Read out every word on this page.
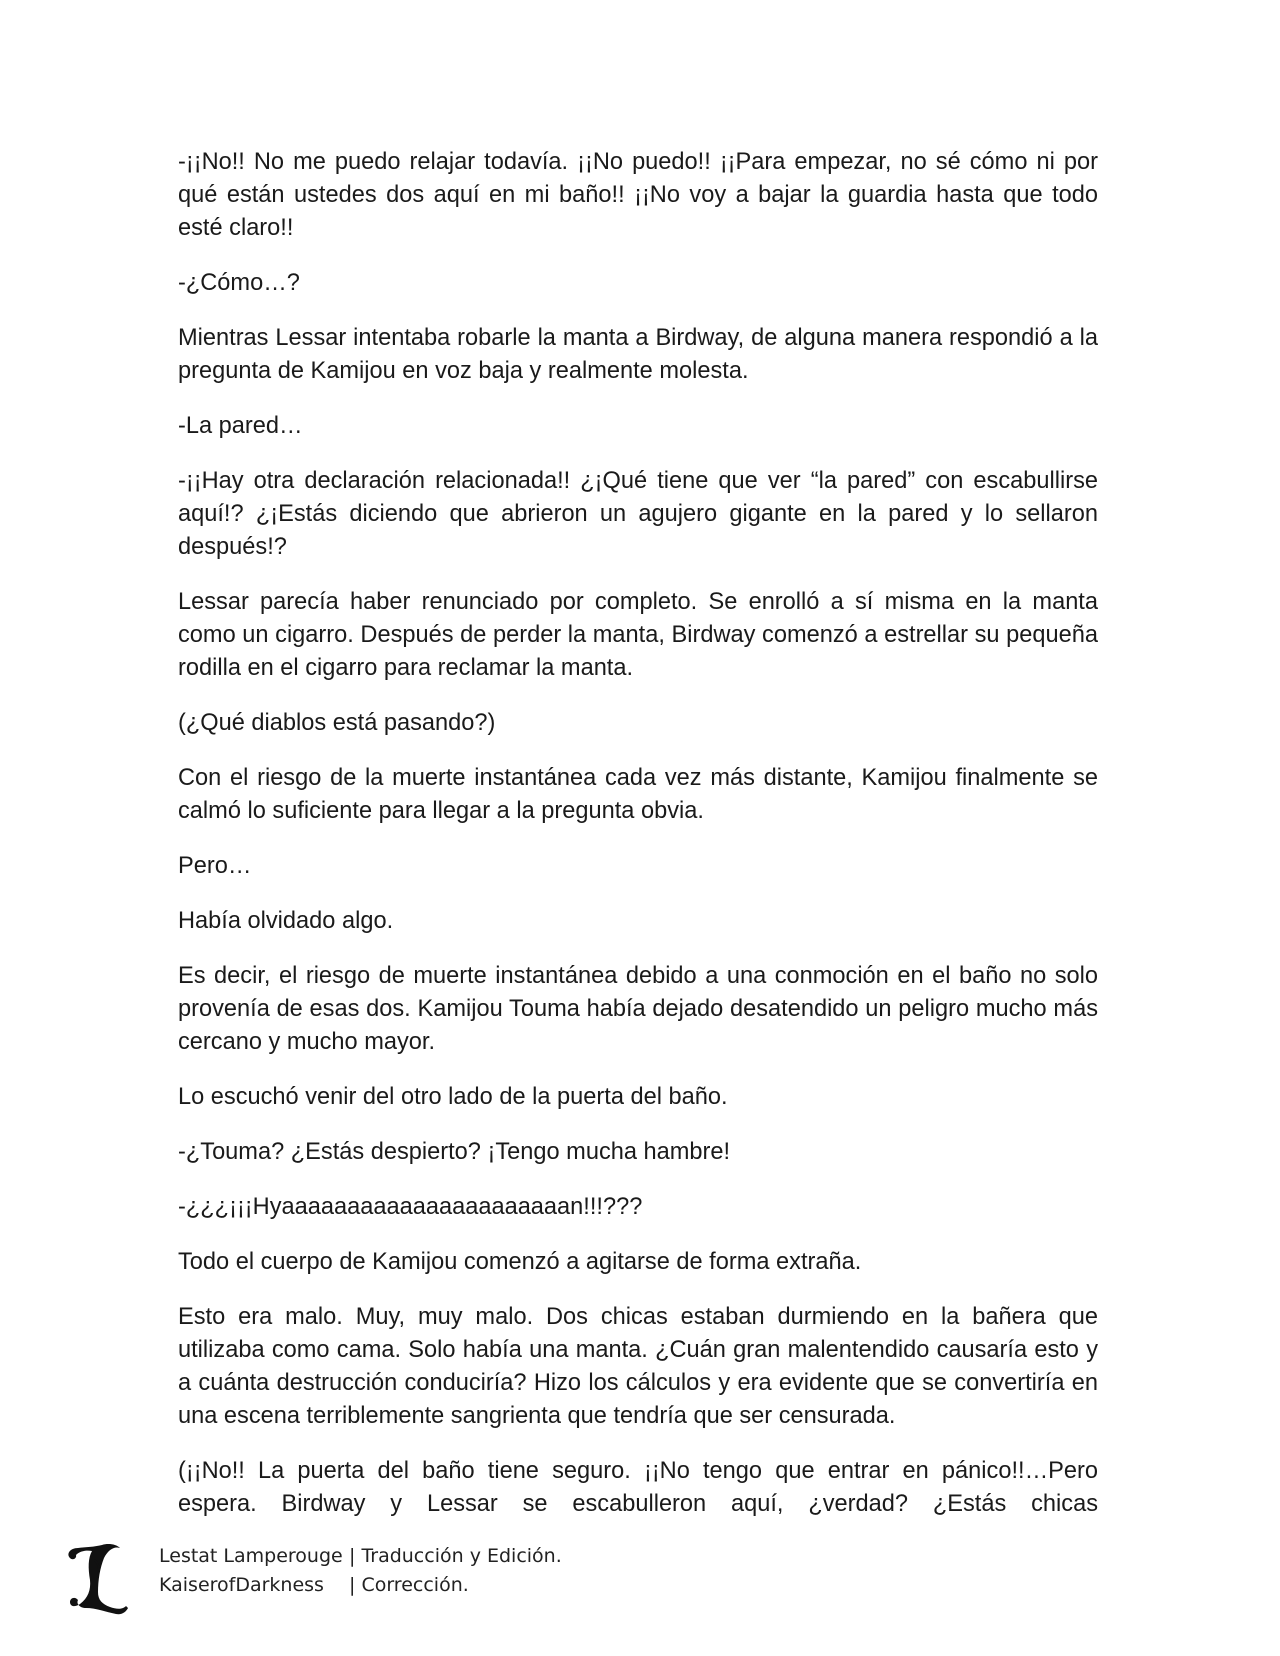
-¡¡No!! No me puedo relajar todavía. ¡¡No puedo!! ¡¡Para empezar, no sé cómo ni por qué están ustedes dos aquí en mi baño!! ¡¡No voy a bajar la guardia hasta que todo esté claro!!

-¿Cómo…?

Mientras Lessar intentaba robarle la manta a Birdway, de alguna manera respondió a la pregunta de Kamijou en voz baja y realmente molesta.

-La pared…

-¡¡Hay otra declaración relacionada!! ¿¡Qué tiene que ver “la pared” con escabullirse aquí!? ¿¡Estás diciendo que abrieron un agujero gigante en la pared y lo sellaron después!?

Lessar parecía haber renunciado por completo. Se enrolló a sí misma en la manta como un cigarro. Después de perder la manta, Birdway comenzó a estrellar su pequeña rodilla en el cigarro para reclamar la manta.

(¿Qué diablos está pasando?)

Con el riesgo de la muerte instantánea cada vez más distante, Kamijou finalmente se calmó lo suficiente para llegar a la pregunta obvia.

Pero…

Había olvidado algo.

Es decir, el riesgo de muerte instantánea debido a una conmoción en el baño no solo provenía de esas dos. Kamijou Touma había dejado desatendido un peligro mucho más cercano y mucho mayor.

Lo escuchó venir del otro lado de la puerta del baño.

-¿Touma? ¿Estás despierto? ¡Tengo mucha hambre!

-¿¿¿¡¡¡Hyaaaaaaaaaaaaaaaaaaaaaan!!!???

Todo el cuerpo de Kamijou comenzó a agitarse de forma extraña.

Esto era malo. Muy, muy malo. Dos chicas estaban durmiendo en la bañera que utilizaba como cama. Solo había una manta. ¿Cuán gran malentendido causaría esto y a cuánta destrucción conduciría? Hizo los cálculos y era evidente que se convertiría en una escena terriblemente sangrienta que tendría que ser censurada.

(¡¡No!! La puerta del baño tiene seguro. ¡¡No tengo que entrar en pánico!!…Pero espera. Birdway y Lessar se escabulleron aquí, ¿verdad? ¿Estás chicas

Lestat Lamperouge | Traducción y Edición.
KaiserofDarkness	| Corrección.
